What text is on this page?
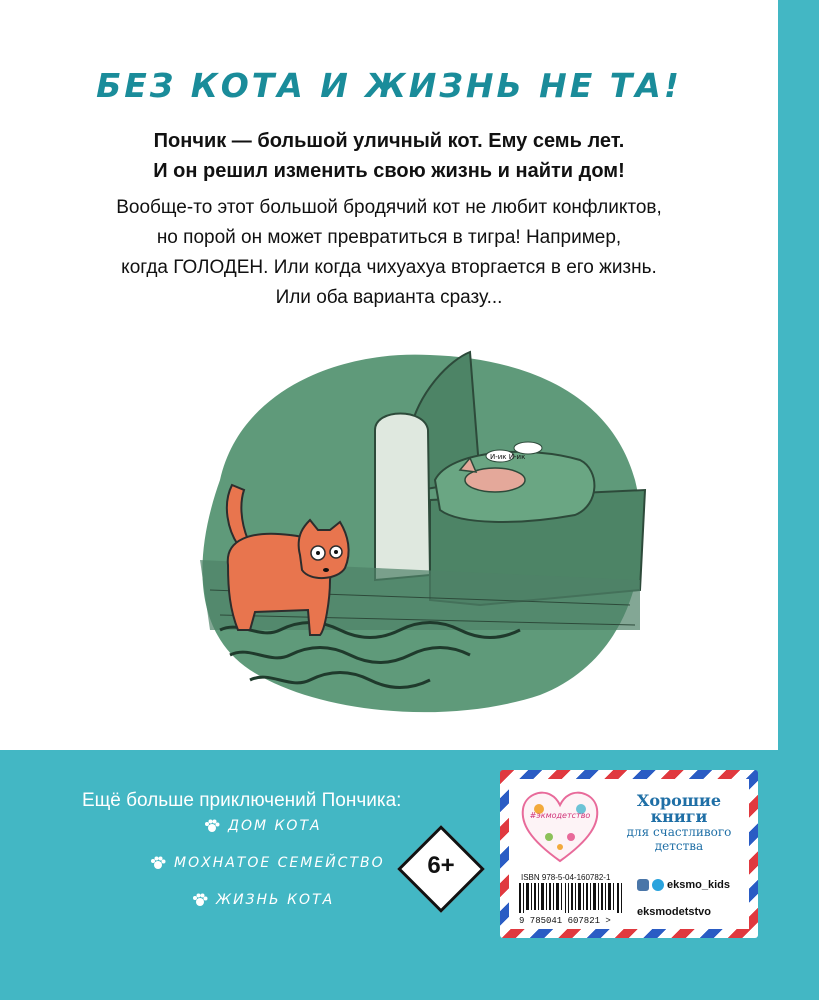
БЕЗ КОТА И ЖИЗНЬ НЕ ТА!
Пончик — большой уличный кот. Ему семь лет.
И он решил изменить свою жизнь и найти дом!
Вообще-то этот большой бродячий кот не любит конфликтов,
но порой он может превратиться в тигра! Например,
когда ГОЛОДЕН. Или когда чихуахуа вторгается в его жизнь.
Или оба варианта сразу...
И-ик И-ик
Ещё больше приключений Пончика:
ДОМ КОТА
МОХНАТОЕ СЕМЕЙСТВО
ЖИЗНЬ КОТА
6+
#экмодетство
Хорошие
книги
для счастливого
детства
ISBN 978-5-04-160782-1
9 785041 607821 >
eksmo_kids
eksmodetstvo
